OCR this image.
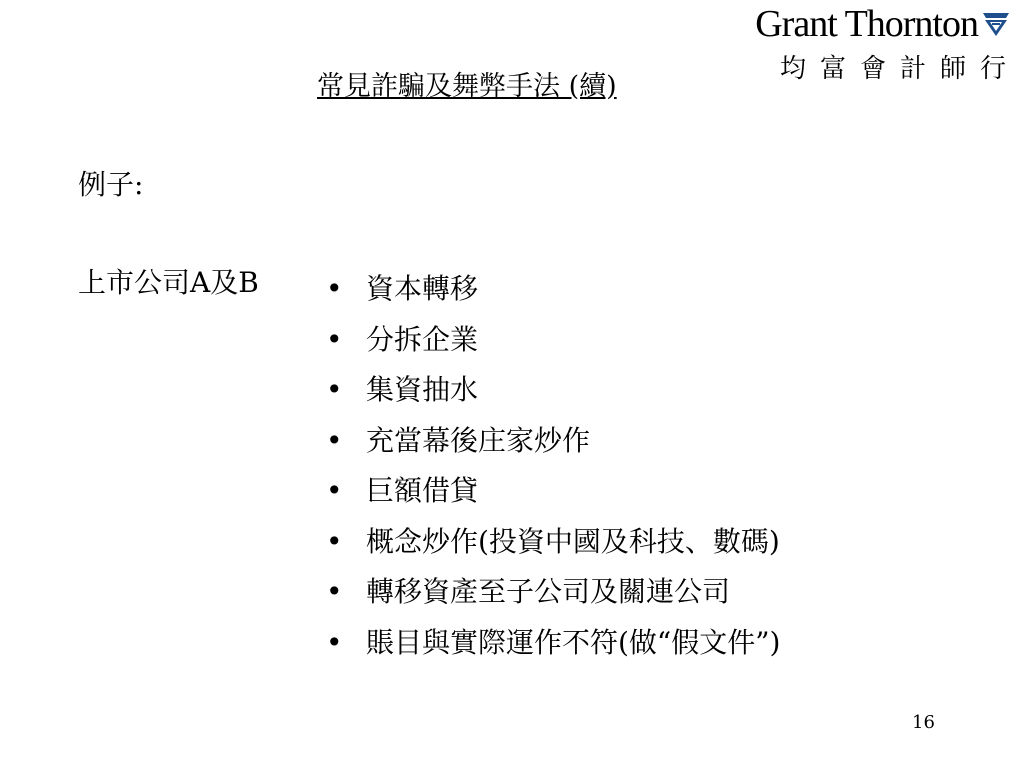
Grant Thornton
均富會計師行
常見詐騙及舞弊手法 (續)
例子:
上市公司A及B • 資本轉移
• 分拆企業
• 集資抽水
• 充當幕後庄家炒作
• 巨額借貸
• 概念炒作(投資中國及科技、數碼)
• 轉移資產至子公司及關連公司
• 賬目與實際運作不符(做“假文件”)
16
